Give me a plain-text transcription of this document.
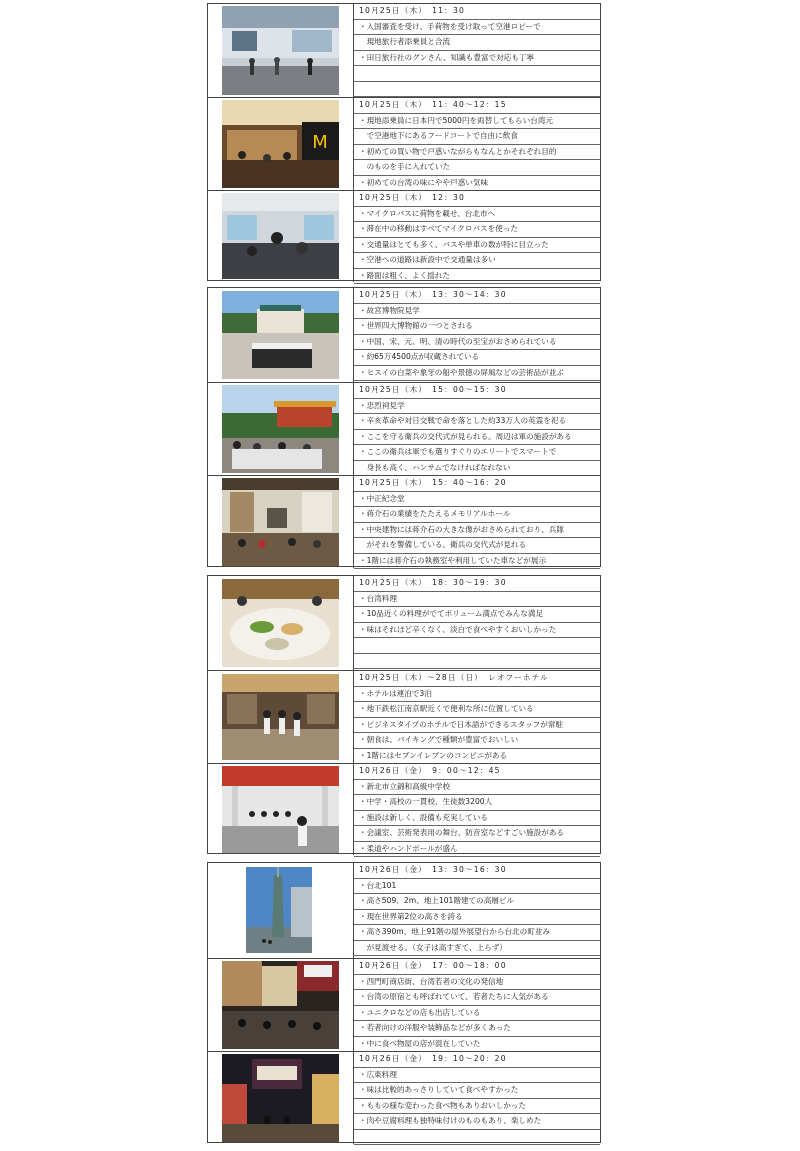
10月25日（木）　11：30
・入国審査を受け、手荷物を受け取って空港ロビーで
　現地旅行者添乗員と合流
・田日旅行社のグンさん、知識も豊富で対応も丁寧
M
10月25日（木）　11：40〜12：15
・現地添乗員に日本円で5000円を両替してもらい台湾元
　で空港地下にあるフードコートで自由に飲食
・初めての買い物で戸惑いながらもなんとかそれぞれ目的
　のものを手に入れていた
・初めての台湾の味にやや戸惑い気味
10月25日（木）　12：30
・マイクロバスに荷物を載せ、台北市へ
・滞在中の移動はすべてマイクロバスを使った
・交通量はとても多く、バスや単車の数が特に目立った
・空港への道路は新設中で交通量は多い
・路面は粗く、よく揺れた
10月25日（木）　13：30〜14：30
・故宮博物院見学
・世界四大博物館の一つとされる
・中国、宋、元、明、清の時代の至宝がおさめられている
・約65万4500点が収蔵されている
・ヒスイの白菜や象牙の船や景徳の屏風などの芸術品が並ぶ
10月25日（木）　15：00〜15：30
・忠烈祠見学
・辛亥革命や対日交戦で命を落とした約33万人の英霊を祀る
・ここを守る衛兵の交代式が見られる。周辺は軍の施設がある
・ここの衛兵は軍でも選りすぐりのエリートでスマートで
　身長も高く、ハンサムでなければなれない
10月25日（木）　15：40〜16：20
・中正紀念堂
・蒋介石の業績をたたえるメモリアルホール
・中央建物には蒋介石の大きな像がおさめられており、兵隊
　がそれを警備している。衛兵の交代式が見れる
・1階には蒋介石の執務室や利用していた車などが展示
10月25日（木）　18：30〜19：30
・台湾料理
・10品近くの料理がでてボリューム満点でみんな満足
・味はそれほど辛くなく、淡白で食べやすくおいしかった
10月25日（木）〜28日（日）　レオフーホテル
・ホテルは連泊で3泊
・地下鉄松江南京駅近くで便利な所に位置している
・ビジネスタイプのホテルで日本語ができるスタッフが常駐
・朝食は、バイキングで種類が豊富でおいしい
・1階にはセブンイレブンのコンビニがある
10月26日（金）　9：00〜12：45
・新北市立錦和高級中学校
・中学・高校の一貫校、生徒数3200人
・施設は新しく、設備も充実している
・会議室、芸術発表用の舞台、防音室などすごい施設がある
・柔道やハンドボールが盛ん
10月26日（金）　13：30〜16：30
・台北101
・高さ509．2m、地上101階建ての高層ビル
・現在世界第2位の高さを誇る
・高さ390m、地上91階の屋外展望台から台北の町並み
　が見渡せる。（女子は高すぎて、上らず）
10月26日（金）　17：00〜18：00
・西門町商店街、台湾若者の文化の発信地
・台湾の原宿とも呼ばれていて、若者たちに人気がある
・ユニクロなどの店も出店している
・若者向けの洋服や装飾品などが多くあった
・中に食べ物屋の店が混在していた
10月26日（金）　19：10〜20：20
・広東料理
・味は比較的あっさりしていて食べやすかった
・ももの様な変わった食べ物もありおいしかった
・肉や豆腐料理も独特味付けのものもあり、楽しめた
